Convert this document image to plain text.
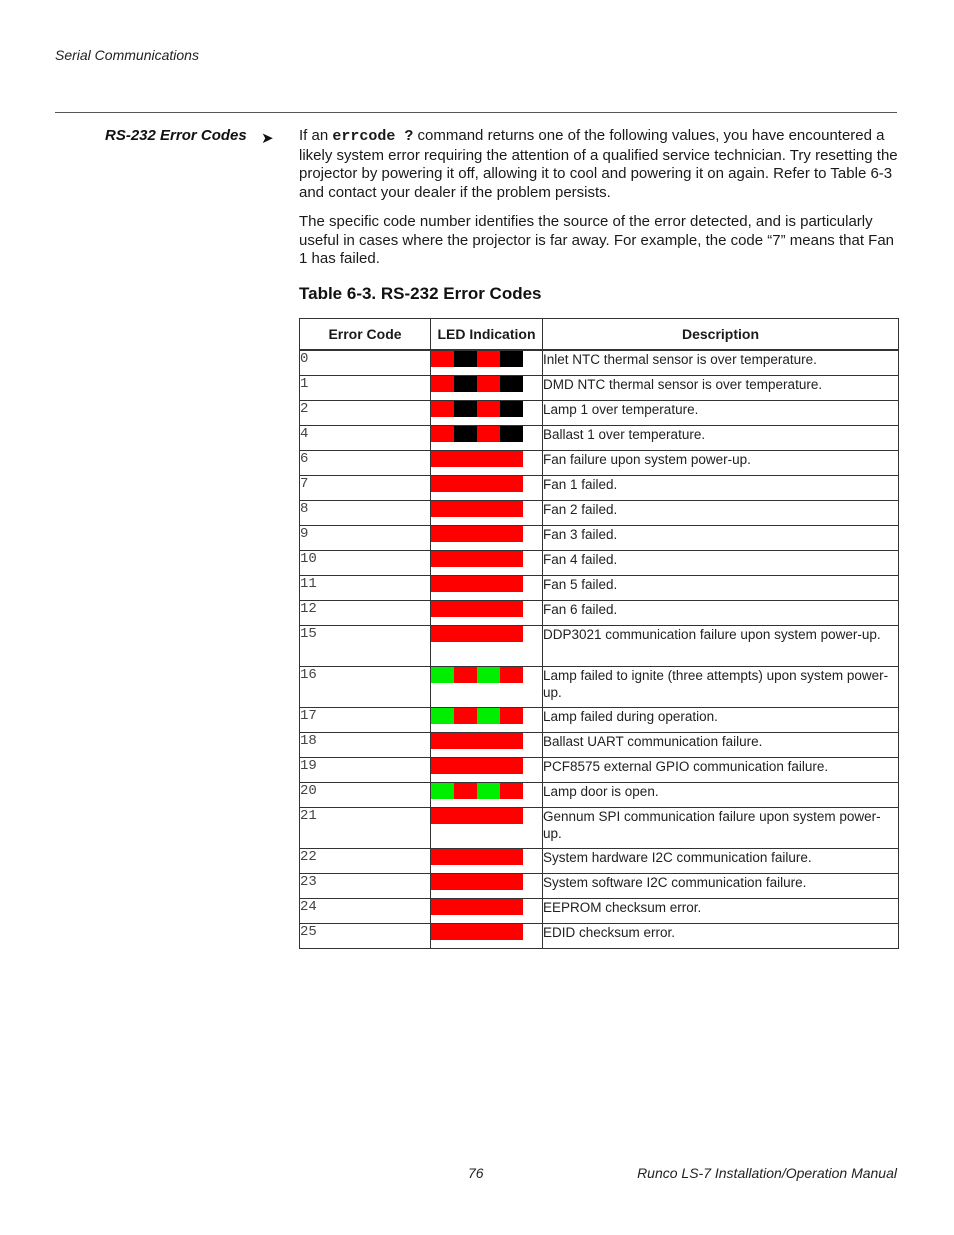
Serial Communications
RS-232 Error Codes ➤ If an errcode ? command returns one of the following values, you have encountered a likely system error requiring the attention of a qualified service technician. Try resetting the projector by powering it off, allowing it to cool and powering it on again. Refer to Table 6-3 and contact your dealer if the problem persists.

The specific code number identifies the source of the error detected, and is particularly useful in cases where the projector is far away. For example, the code “7” means that Fan 1 has failed.

Table 6-3. RS-232 Error Codes
Error Code	LED Indication	Description
0		Inlet NTC thermal sensor is over temperature.
1		DMD NTC thermal sensor is over temperature.
2		Lamp 1 over temperature.
4		Ballast 1 over temperature.
6		Fan failure upon system power-up.
7		Fan 1 failed.
8		Fan 2 failed.
9		Fan 3 failed.
10		Fan 4 failed.
11		Fan 5 failed.
12		Fan 6 failed.
15		DDP3021 communication failure upon system power-up.
16		Lamp failed to ignite (three attempts) upon system power-up.
17		Lamp failed during operation.
18		Ballast UART communication failure.
19		PCF8575 external GPIO communication failure.
20		Lamp door is open.
21		Gennum SPI communication failure upon system power-up.
22		System hardware I2C communication failure.
23		System software I2C communication failure.
24		EEPROM checksum error.
25		EDID checksum error.
76	Runco LS-7 Installation/Operation Manual
